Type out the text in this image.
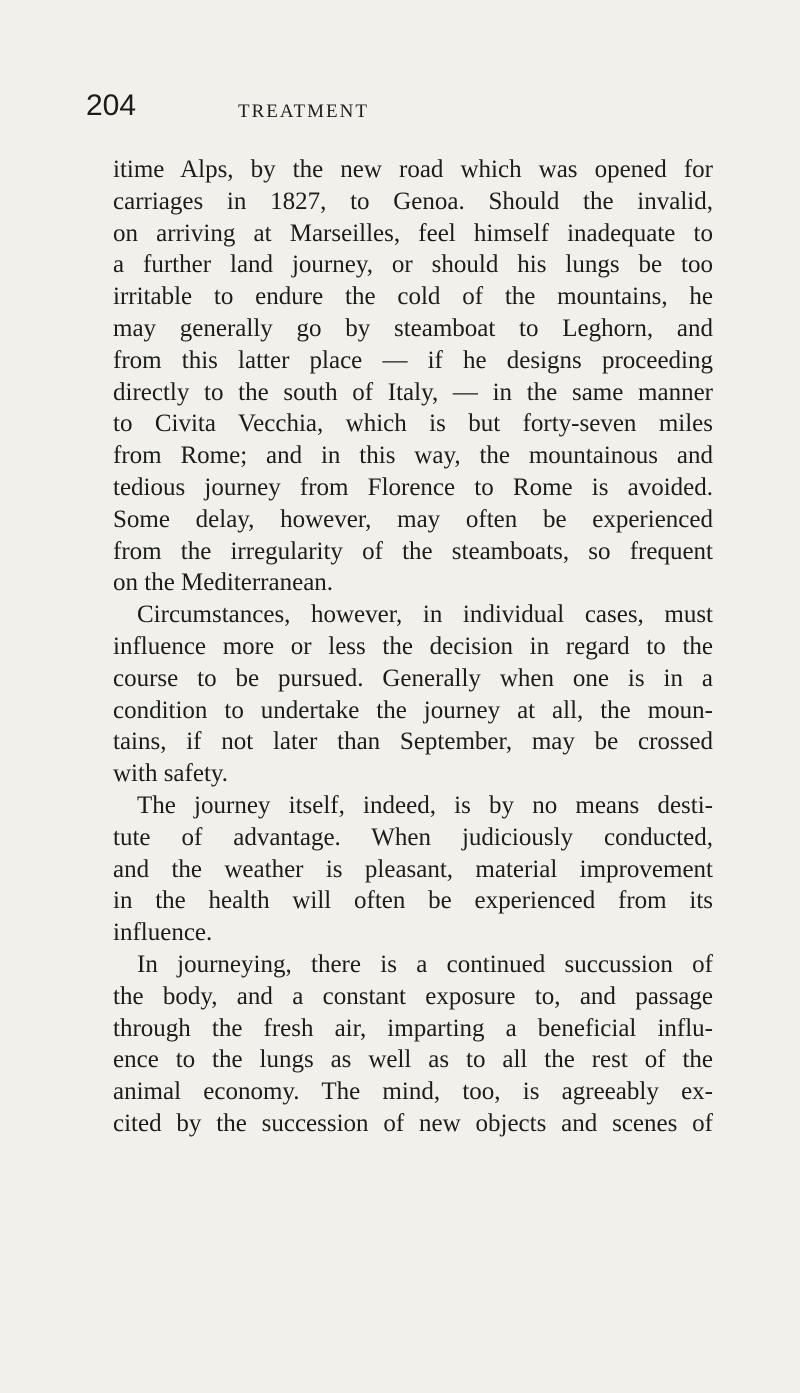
204	TREATMENT
itime Alps, by the new road which was opened for
carriages in 1827, to Genoa. Should the invalid,
on arriving at Marseilles, feel himself inadequate to
a further land journey, or should his lungs be too
irritable to endure the cold of the mountains, he
may generally go by steamboat to Leghorn, and
from this latter place — if he designs proceeding
directly to the south of Italy, — in the same manner
to Civita Vecchia, which is but forty-seven miles
from Rome; and in this way, the mountainous and
tedious journey from Florence to Rome is avoided.
Some delay, however, may often be experienced
from the irregularity of the steamboats, so frequent
on the Mediterranean.
Circumstances, however, in individual cases, must
influence more or less the decision in regard to the
course to be pursued. Generally when one is in a
condition to undertake the journey at all, the moun-
tains, if not later than September, may be crossed
with safety.
The journey itself, indeed, is by no means desti-
tute of advantage. When judiciously conducted,
and the weather is pleasant, material improvement
in the health will often be experienced from its
influence.
In journeying, there is a continued succussion of
the body, and a constant exposure to, and passage
through the fresh air, imparting a beneficial influ-
ence to the lungs as well as to all the rest of the
animal economy. The mind, too, is agreeably ex-
cited by the succession of new objects and scenes of
